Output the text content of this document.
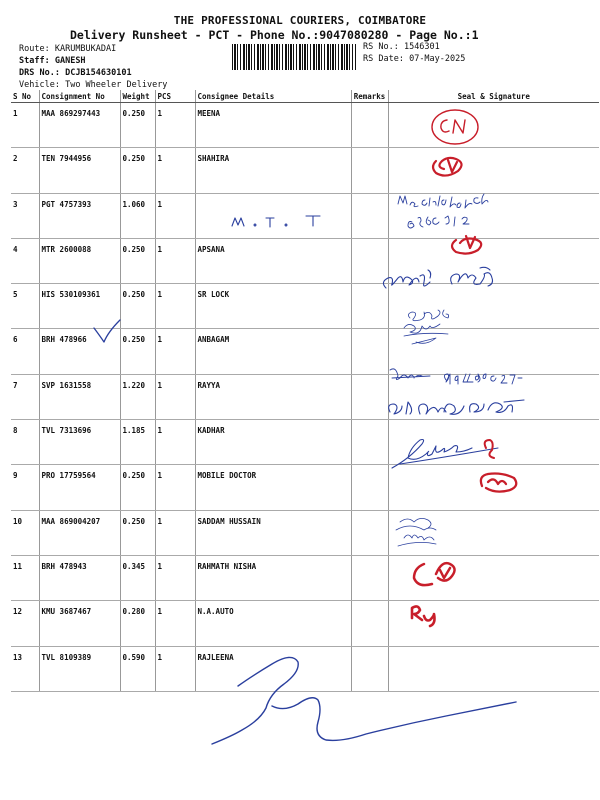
THE PROFESSIONAL COURIERS, COIMBATORE
Delivery Runsheet - PCT - Phone No.:9047080280 - Page No.:1
Route: KARUMBUKADAI
Staff: GANESH
DRS No.: DCJB154630101
Vehicle: Two Wheeler Delivery
RS No.: 1546301
RS Date: 07-May-2025
S No	Consignment No	Weight	PCS	Consignee Details	Remarks	Seal & Signature
1	MAA 869297443	0.250	1	MEENA		
2	TEN 7944956	0.250	1	SHAHIRA		
3	PGT 4757393	1.060	1			
4	MTR 2600088	0.250	1	APSANA		
5	HIS 530109361	0.250	1	SR LOCK		
6	BRH 478966	0.250	1	ANBAGAM		
7	SVP 1631558	1.220	1	RAYYA		
8	TVL 7313696	1.185	1	KADHAR		
9	PRO 17759564	0.250	1	MOBILE DOCTOR		
10	MAA 869004207	0.250	1	SADDAM HUSSAIN		
11	BRH 478943	0.345	1	RAHMATH NISHA		
12	KMU 3687467	0.280	1	N.A.AUTO		
13	TVL 8109389	0.590	1	RAJLEENA		
